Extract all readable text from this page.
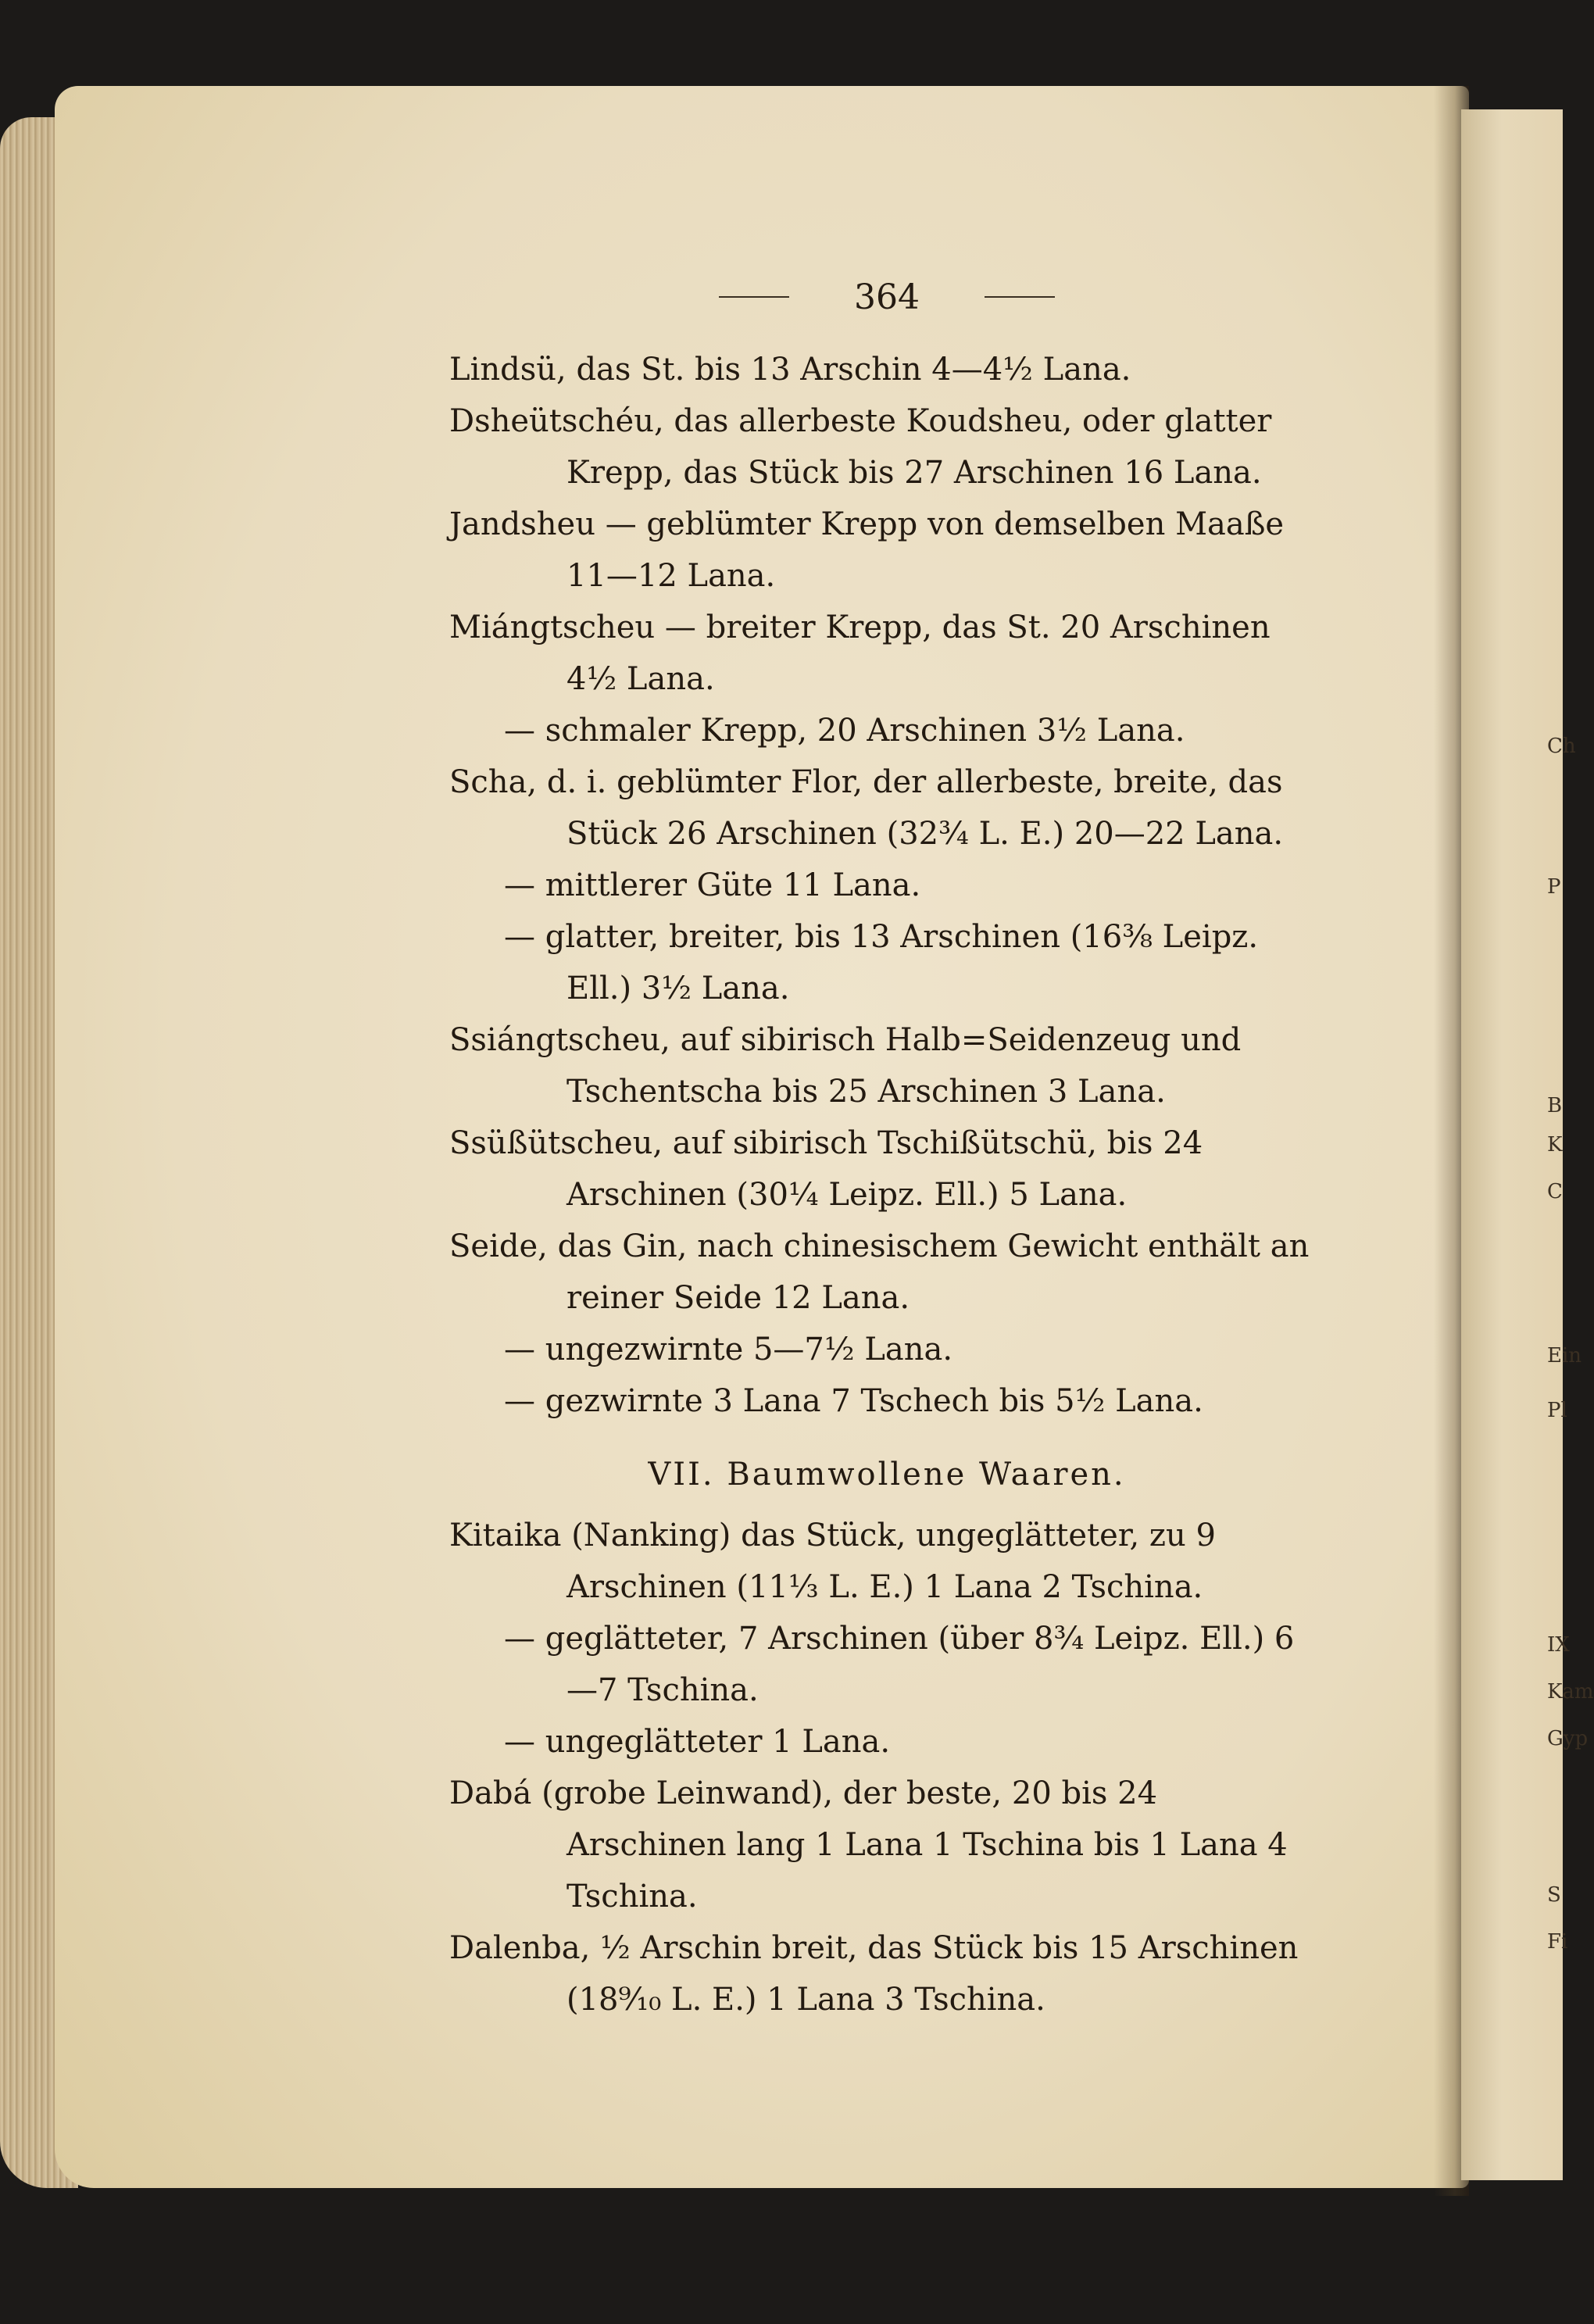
364

Lindsü, das St. bis 13 Arschin 4—4½ Lana.

Dsheütschéu, das allerbeste Koudsheu, oder glatter Krepp, das Stück bis 27 Arschinen 16 Lana.

Jandsheu — geblümter Krepp von demselben Maaße 11—12 Lana.

Miángtscheu — breiter Krepp, das St. 20 Arschinen 4½ Lana.

— schmaler Krepp, 20 Arschinen 3½ Lana.

Scha, d. i. geblümter Flor, der allerbeste, breite, das Stück 26 Arschinen (32¾ L. E.) 20—22 Lana.

— mittlerer Güte 11 Lana.

— glatter, breiter, bis 13 Arschinen (16⅜ Leipz. Ell.) 3½ Lana.

Ssiángtscheu, auf sibirisch Halb=Seidenzeug und Tschentscha bis 25 Arschinen 3 Lana.

Ssüßütscheu, auf sibirisch Tschißütschü, bis 24 Arschinen (30¼ Leipz. Ell.) 5 Lana.

Seide, das Gin, nach chinesischem Gewicht enthält an reiner Seide 12 Lana.

— ungezwirnte 5—7½ Lana.

— gezwirnte 3 Lana 7 Tschech bis 5½ Lana.

VII. Baumwollene Waaren.

Kitaika (Nanking) das Stück, ungeglätteter, zu 9 Arschinen (11⅓ L. E.) 1 Lana 2 Tschina.

— geglätteter, 7 Arschinen (über 8¾ Leipz. Ell.) 6—7 Tschina.

— ungeglätteter 1 Lana.

Dabá (grobe Leinwand), der beste, 20 bis 24 Arschinen lang 1 Lana 1 Tschina bis 1 Lana 4 Tschina.

Dalenba, ½ Arschin breit, das Stück bis 15 Arschinen (18⁹⁄₁₀ L. E.) 1 Lana 3 Tschina.

Ch
P
B
K
C
Ein
Pl
IX
Kam
Gyp
S
Fi
